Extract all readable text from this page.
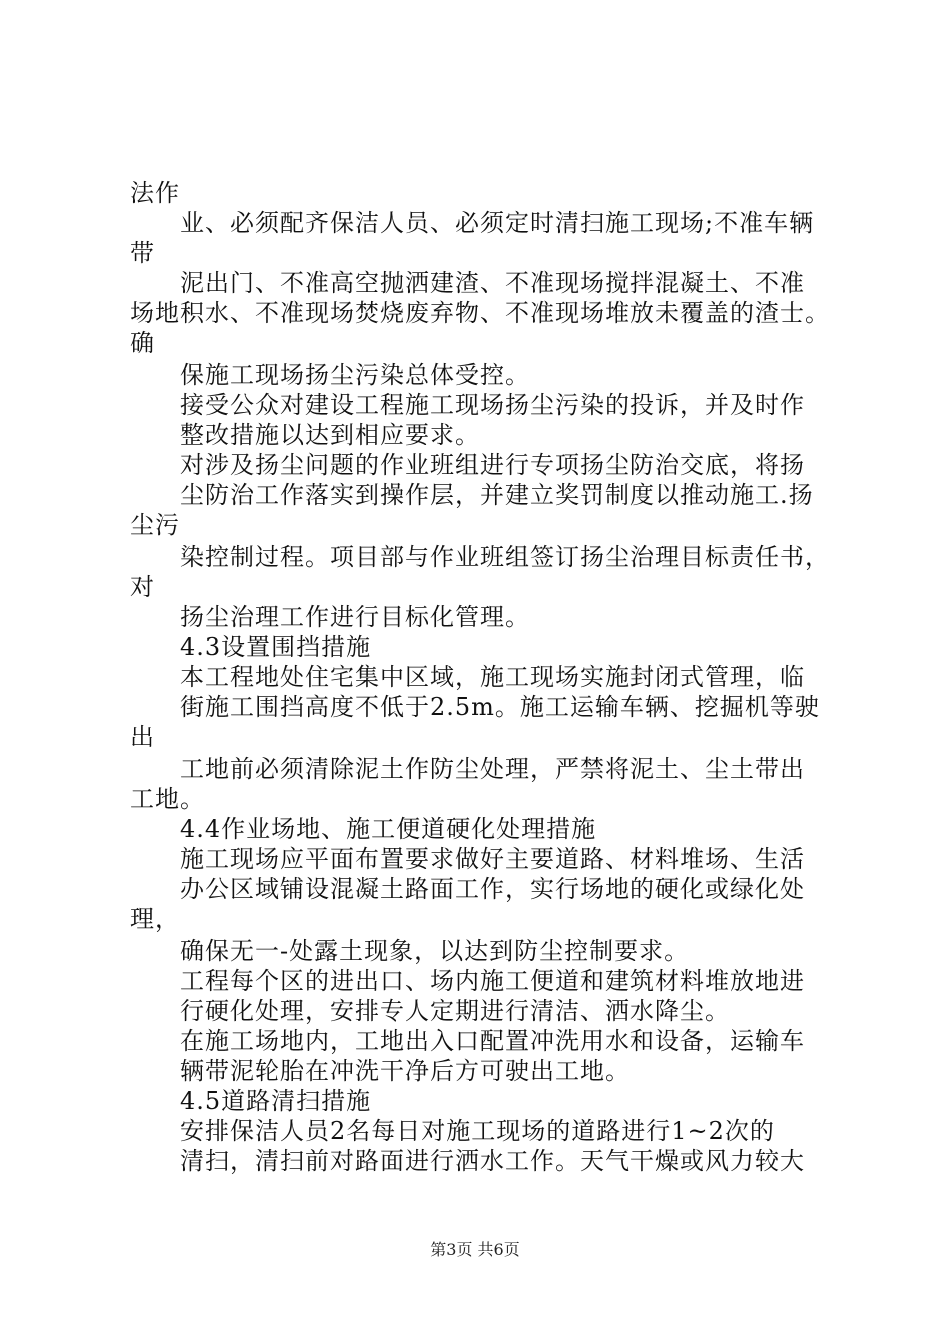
法作
业、必须配齐保洁人员、必须定时清扫施工现场;不准车辆
带
泥出门、不准高空抛洒建渣、不准现场搅拌混凝土、不准
场地积水、不准现场焚烧废弃物、不准现场堆放未覆盖的渣士。
确
保施工现场扬尘污染总体受控。
接受公众对建设工程施工现场扬尘污染的投诉，并及时作
整改措施以达到相应要求。
对涉及扬尘问题的作业班组进行专项扬尘防治交底，将扬
尘防治工作落实到操作层，并建立奖罚制度以推动施工.扬
尘污
染控制过程。项目部与作业班组签订扬尘治理目标责任书，
对
扬尘治理工作进行目标化管理。
4.3设置围挡措施
本工程地处住宅集中区域，施工现场实施封闭式管理，临
街施工围挡高度不低于2.5m。施工运输车辆、挖掘机等驶
出
工地前必须清除泥土作防尘处理，严禁将泥土、尘土带出
工地。
4.4作业场地、施工便道硬化处理措施
施工现场应平面布置要求做好主要道路、材料堆场、生活
办公区域铺设混凝土路面工作，实行场地的硬化或绿化处
理，
确保无一-处露土现象，以达到防尘控制要求。
工程每个区的进出口、场内施工便道和建筑材料堆放地进
行硬化处理，安排专人定期进行清洁、洒水降尘。
在施工场地内，工地出入口配置冲洗用水和设备，运输车
辆带泥轮胎在冲洗干净后方可驶出工地。
4.5道路清扫措施
安排保洁人员2名每日对施工现场的道路进行1~2次的
清扫，清扫前对路面进行洒水工作。天气干燥或风力较大
第3页 共6页
